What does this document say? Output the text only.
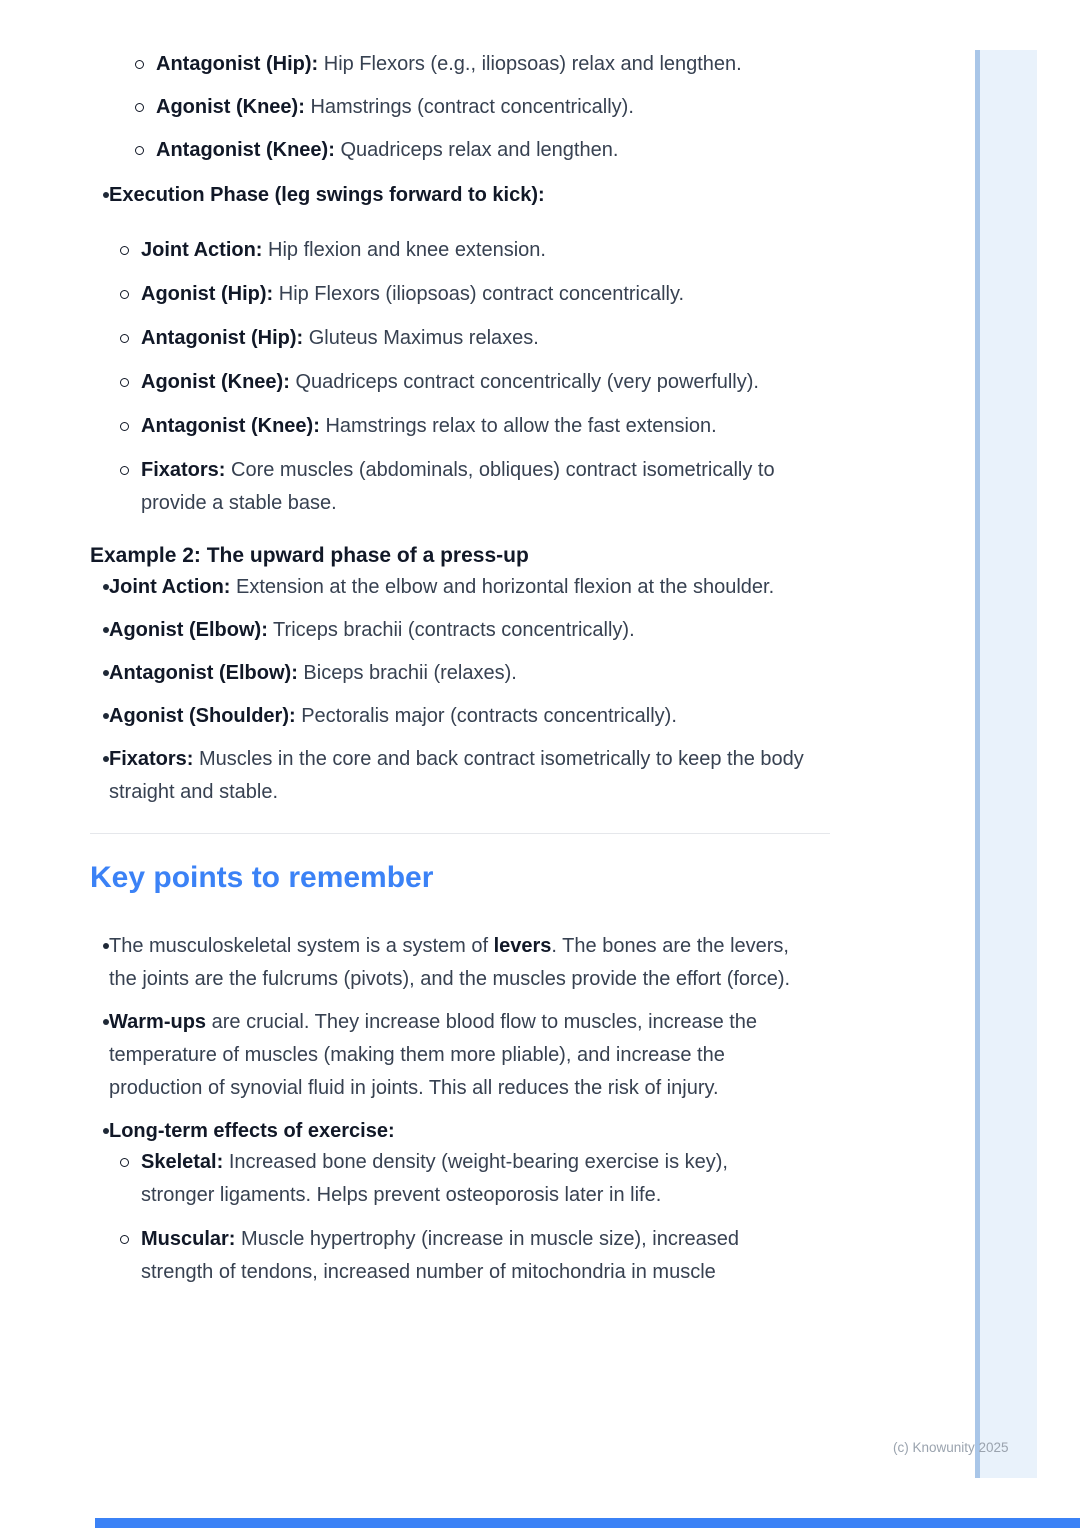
Antagonist (Hip): Hip Flexors (e.g., iliopsoas) relax and lengthen.

Agonist (Knee): Hamstrings (contract concentrically).

Antagonist (Knee): Quadriceps relax and lengthen.

Execution Phase (leg swings forward to kick):

Joint Action: Hip flexion and knee extension.

Agonist (Hip): Hip Flexors (iliopsoas) contract concentrically.

Antagonist (Hip): Gluteus Maximus relaxes.

Agonist (Knee): Quadriceps contract concentrically (very powerfully).

Antagonist (Knee): Hamstrings relax to allow the fast extension.

Fixators: Core muscles (abdominals, obliques) contract isometrically to provide a stable base.

Example 2: The upward phase of a press-up

Joint Action: Extension at the elbow and horizontal flexion at the shoulder.

Agonist (Elbow): Triceps brachii (contracts concentrically).

Antagonist (Elbow): Biceps brachii (relaxes).

Agonist (Shoulder): Pectoralis major (contracts concentrically).

Fixators: Muscles in the core and back contract isometrically to keep the body straight and stable.

Key points to remember

The musculoskeletal system is a system of levers. The bones are the levers, the joints are the fulcrums (pivots), and the muscles provide the effort (force).

Warm-ups are crucial. They increase blood flow to muscles, increase the temperature of muscles (making them more pliable), and increase the production of synovial fluid in joints. This all reduces the risk of injury.

Long-term effects of exercise:

Skeletal: Increased bone density (weight-bearing exercise is key), stronger ligaments. Helps prevent osteoporosis later in life.

Muscular: Muscle hypertrophy (increase in muscle size), increased strength of tendons, increased number of mitochondria in muscle

(c) Knowunity 2025
